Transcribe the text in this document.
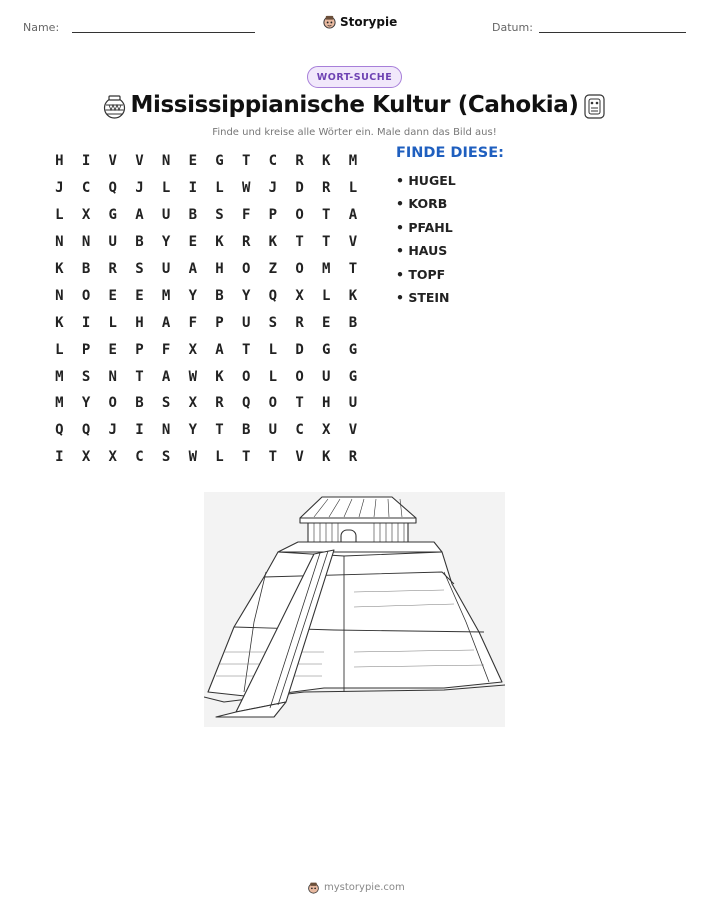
Name:	Storypie	Datum:
WORT-SUCHE
Mississippianische Kultur (Cahokia)
Finde und kreise alle Wörter ein. Male dann das Bild aus!
H	I	V	V	N	E	G	T	C	R	K	M
J	C	Q	J	L	I	L	W	J	D	R	L
L	X	G	A	U	B	S	F	P	O	T	A
N	N	U	B	Y	E	K	R	K	T	T	V
K	B	R	S	U	A	H	O	Z	O	M	T
N	O	E	E	M	Y	B	Y	Q	X	L	K
K	I	L	H	A	F	P	U	S	R	E	B
L	P	E	P	F	X	A	T	L	D	G	G
M	S	N	T	A	W	K	O	L	O	U	G
M	Y	O	B	S	X	R	Q	O	T	H	U
Q	Q	J	I	N	Y	T	B	U	C	X	V
I	X	X	C	S	W	L	T	T	V	K	R
FINDE DIESE:
• HUGEL
• KORB
• PFAHL
• HAUS
• TOPF
• STEIN
mystorypie.com
